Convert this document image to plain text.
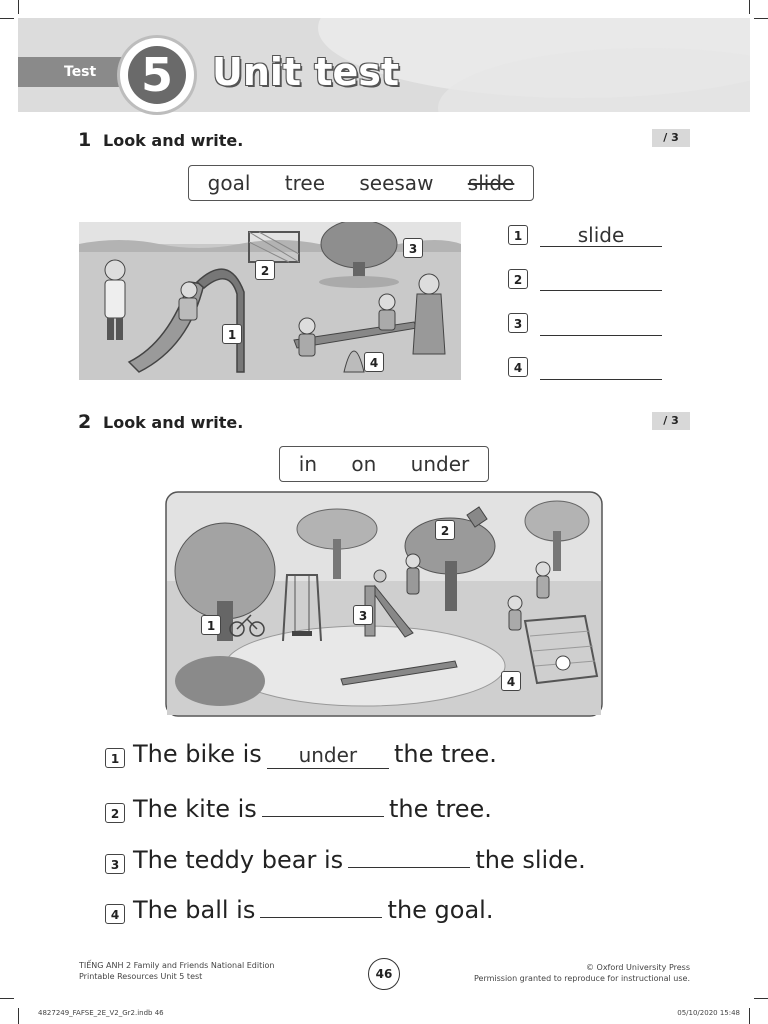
Test 5	Unit test
1 Look and write.	/ 3
goal tree seesaw slide
1
2
3
4
1	slide
2
3
4
2 Look and write.	/ 3
in on under
1
2
3
4
1 The bike is under the tree.
2 The kite is	the tree.
3 The teddy bear is	the slide.
4 The ball is	the goal.
TIẾNG ANH 2 Family and Friends National Edition
Printable Resources Unit 5 test	46	© Oxford University Press
Permission granted to reproduce for instructional use.
4827249_FAFSE_2E_V2_Gr2.indb 46	05/10/2020 15:48
